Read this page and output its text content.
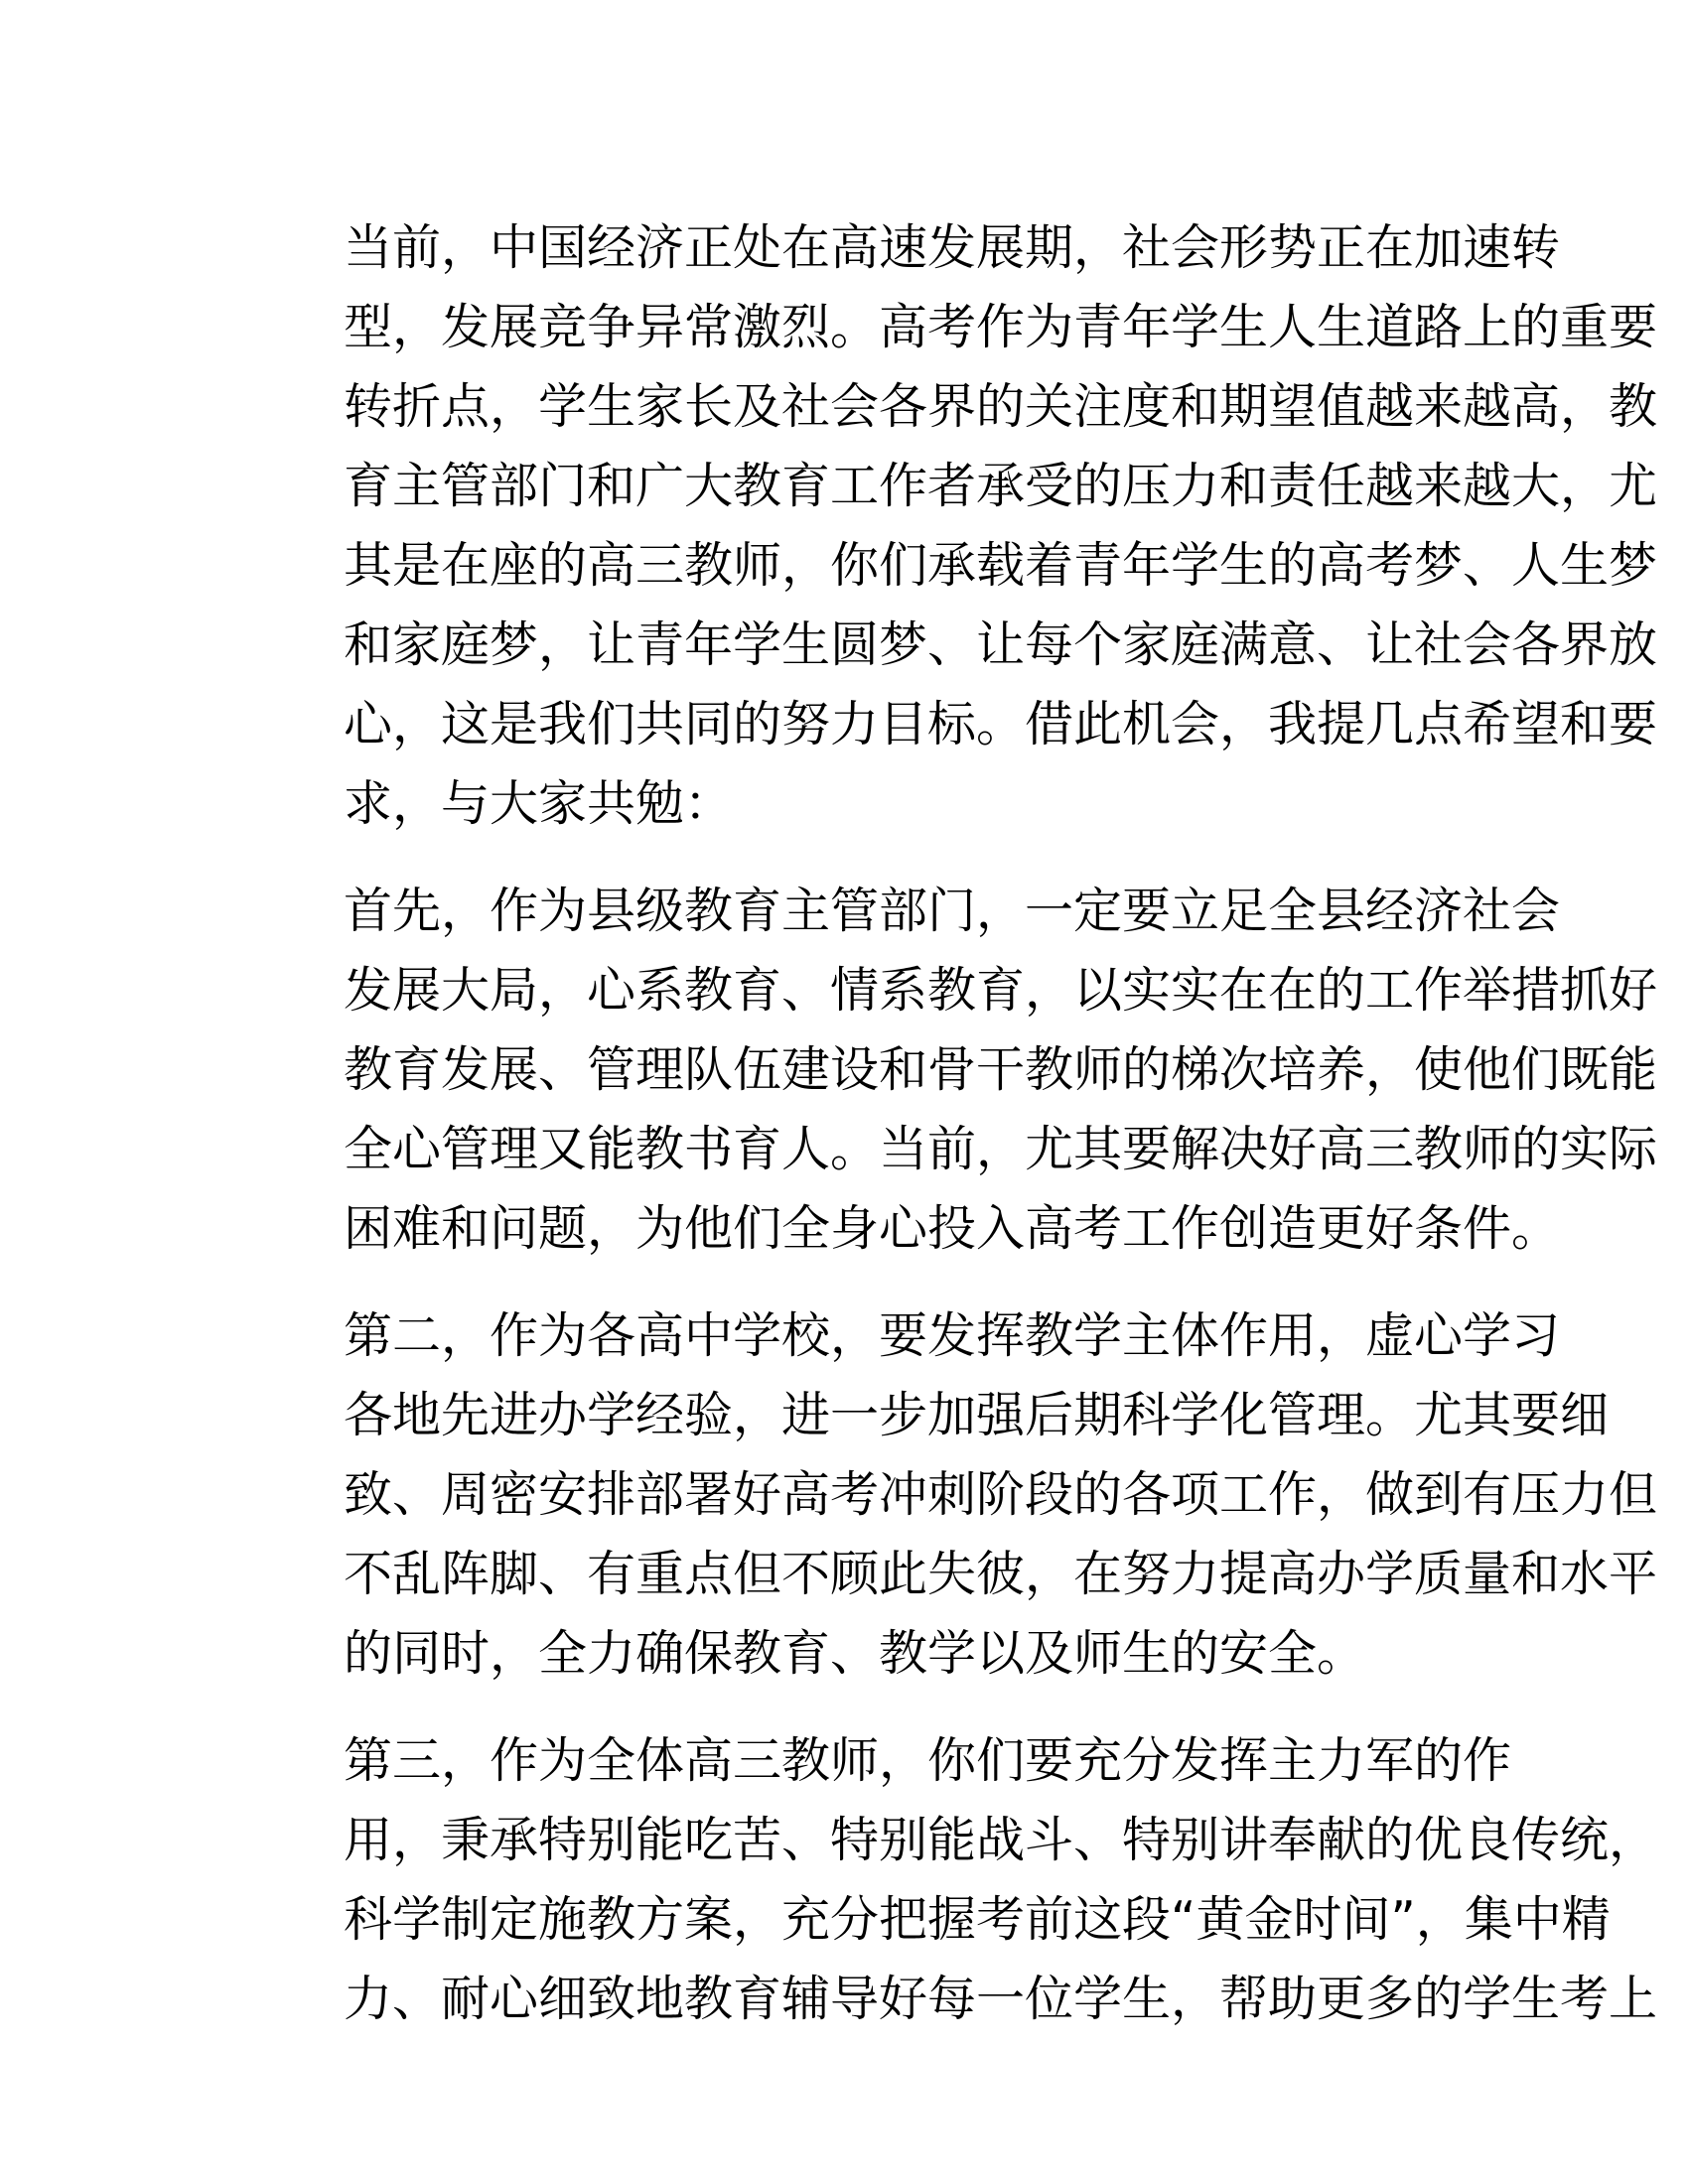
当前，中国经济正处在高速发展期，社会形势正在加速转
型，发展竞争异常激烈。高考作为青年学生人生道路上的重要
转折点，学生家长及社会各界的关注度和期望值越来越高，教
育主管部门和广大教育工作者承受的压力和责任越来越大，尤
其是在座的高三教师，你们承载着青年学生的高考梦、人生梦
和家庭梦，让青年学生圆梦、让每个家庭满意、让社会各界放
心，这是我们共同的努力目标。借此机会，我提几点希望和要
求，与大家共勉：
首先，作为县级教育主管部门，一定要立足全县经济社会
发展大局，心系教育、情系教育，以实实在在的工作举措抓好
教育发展、管理队伍建设和骨干教师的梯次培养，使他们既能
全心管理又能教书育人。当前，尤其要解决好高三教师的实际
困难和问题，为他们全身心投入高考工作创造更好条件。
第二，作为各高中学校，要发挥教学主体作用，虚心学习
各地先进办学经验，进一步加强后期科学化管理。尤其要细
致、周密安排部署好高考冲刺阶段的各项工作，做到有压力但
不乱阵脚、有重点但不顾此失彼，在努力提高办学质量和水平
的同时，全力确保教育、教学以及师生的安全。
第三，作为全体高三教师，你们要充分发挥主力军的作
用，秉承特别能吃苦、特别能战斗、特别讲奉献的优良传统，
科学制定施教方案，充分把握考前这段“黄金时间”，集中精
力、耐心细致地教育辅导好每一位学生，帮助更多的学生考上
